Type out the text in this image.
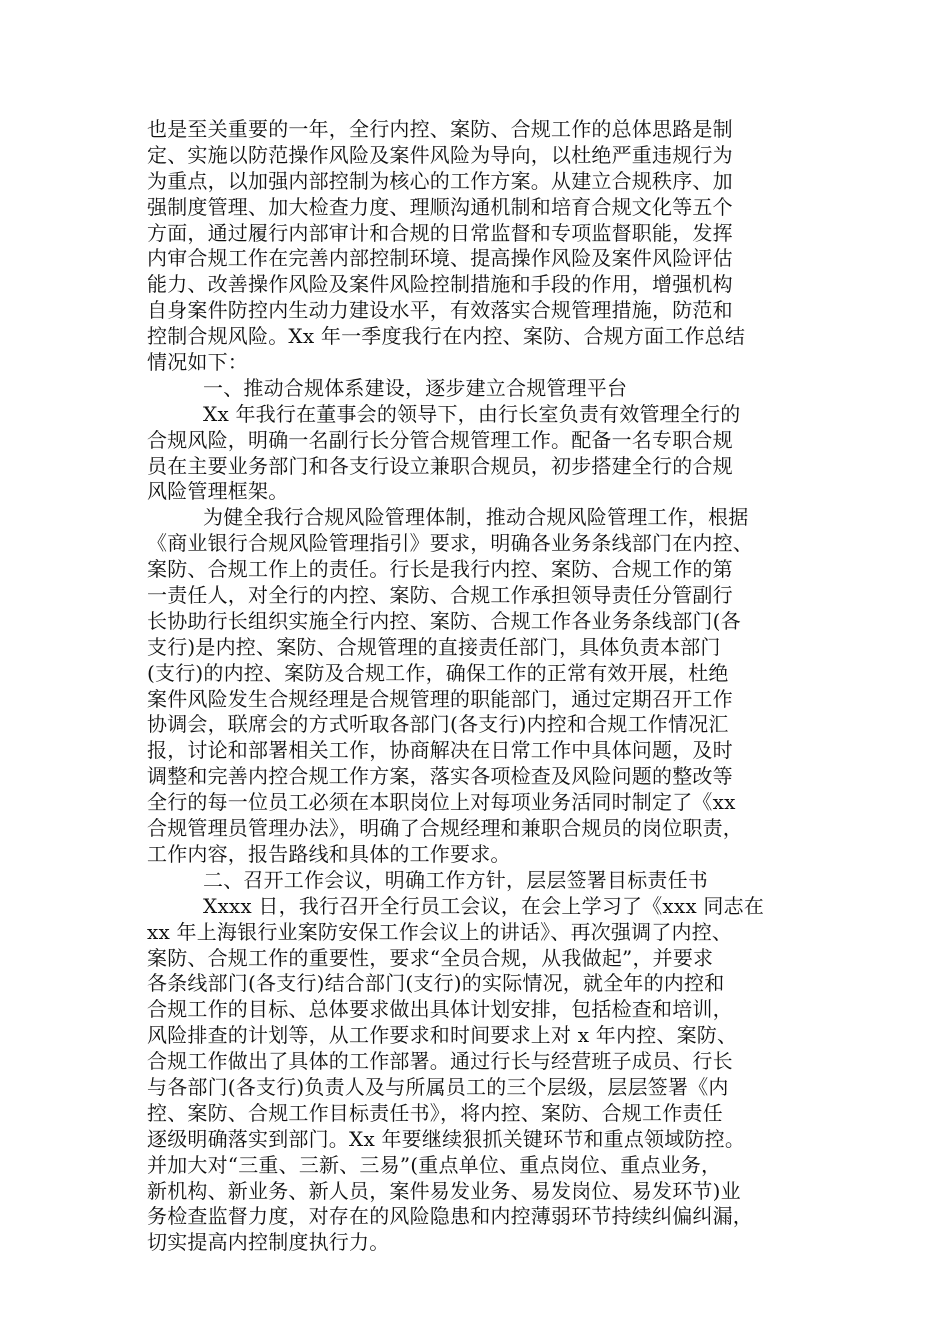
也是至关重要的一年，全行内控、案防、合规工作的总体思路是制
定、实施以防范操作风险及案件风险为导向，以杜绝严重违规行为
为重点，以加强内部控制为核心的工作方案。从建立合规秩序、加
强制度管理、加大检查力度、理顺沟通机制和培育合规文化等五个
方面，通过履行内部审计和合规的日常监督和专项监督职能，发挥
内审合规工作在完善内部控制环境、提高操作风险及案件风险评估
能力、改善操作风险及案件风险控制措施和手段的作用，增强机构
自身案件防控内生动力建设水平，有效落实合规管理措施，防范和
控制合规风险。Xx 年一季度我行在内控、案防、合规方面工作总结
情况如下：
一、推动合规体系建设，逐步建立合规管理平台
Xx 年我行在董事会的领导下，由行长室负责有效管理全行的
合规风险，明确一名副行长分管合规管理工作。配备一名专职合规
员在主要业务部门和各支行设立兼职合规员，初步搭建全行的合规
风险管理框架。
为健全我行合规风险管理体制，推动合规风险管理工作，根据
《商业银行合规风险管理指引》要求，明确各业务条线部门在内控、
案防、合规工作上的责任。行长是我行内控、案防、合规工作的第
一责任人，对全行的内控、案防、合规工作承担领导责任分管副行
长协助行长组织实施全行内控、案防、合规工作各业务条线部门(各
支行)是内控、案防、合规管理的直接责任部门，具体负责本部门
(支行)的内控、案防及合规工作，确保工作的正常有效开展，杜绝
案件风险发生合规经理是合规管理的职能部门，通过定期召开工作
协调会，联席会的方式听取各部门(各支行)内控和合规工作情况汇
报，讨论和部署相关工作，协商解决在日常工作中具体问题，及时
调整和完善内控合规工作方案，落实各项检查及风险问题的整改等
全行的每一位员工必须在本职岗位上对每项业务活同时制定了《xx
合规管理员管理办法》，明确了合规经理和兼职合规员的岗位职责，
工作内容，报告路线和具体的工作要求。
二、召开工作会议，明确工作方针，层层签署目标责任书
Xxxx 日，我行召开全行员工会议，在会上学习了《xxx 同志在
xx 年上海银行业案防安保工作会议上的讲话》、再次强调了内控、
案防、合规工作的重要性，要求“全员合规，从我做起”，并要求
各条线部门(各支行)结合部门(支行)的实际情况，就全年的内控和
合规工作的目标、总体要求做出具体计划安排，包括检查和培训，
风险排查的计划等，从工作要求和时间要求上对 x 年内控、案防、
合规工作做出了具体的工作部署。通过行长与经营班子成员、行长
与各部门(各支行)负责人及与所属员工的三个层级，层层签署《内
控、案防、合规工作目标责任书》，将内控、案防、合规工作责任
逐级明确落实到部门。Xx 年要继续狠抓关键环节和重点领域防控。
并加大对“三重、三新、三易”(重点单位、重点岗位、重点业务，
新机构、新业务、新人员，案件易发业务、易发岗位、易发环节)业
务检查监督力度，对存在的风险隐患和内控薄弱环节持续纠偏纠漏，
切实提高内控制度执行力。
